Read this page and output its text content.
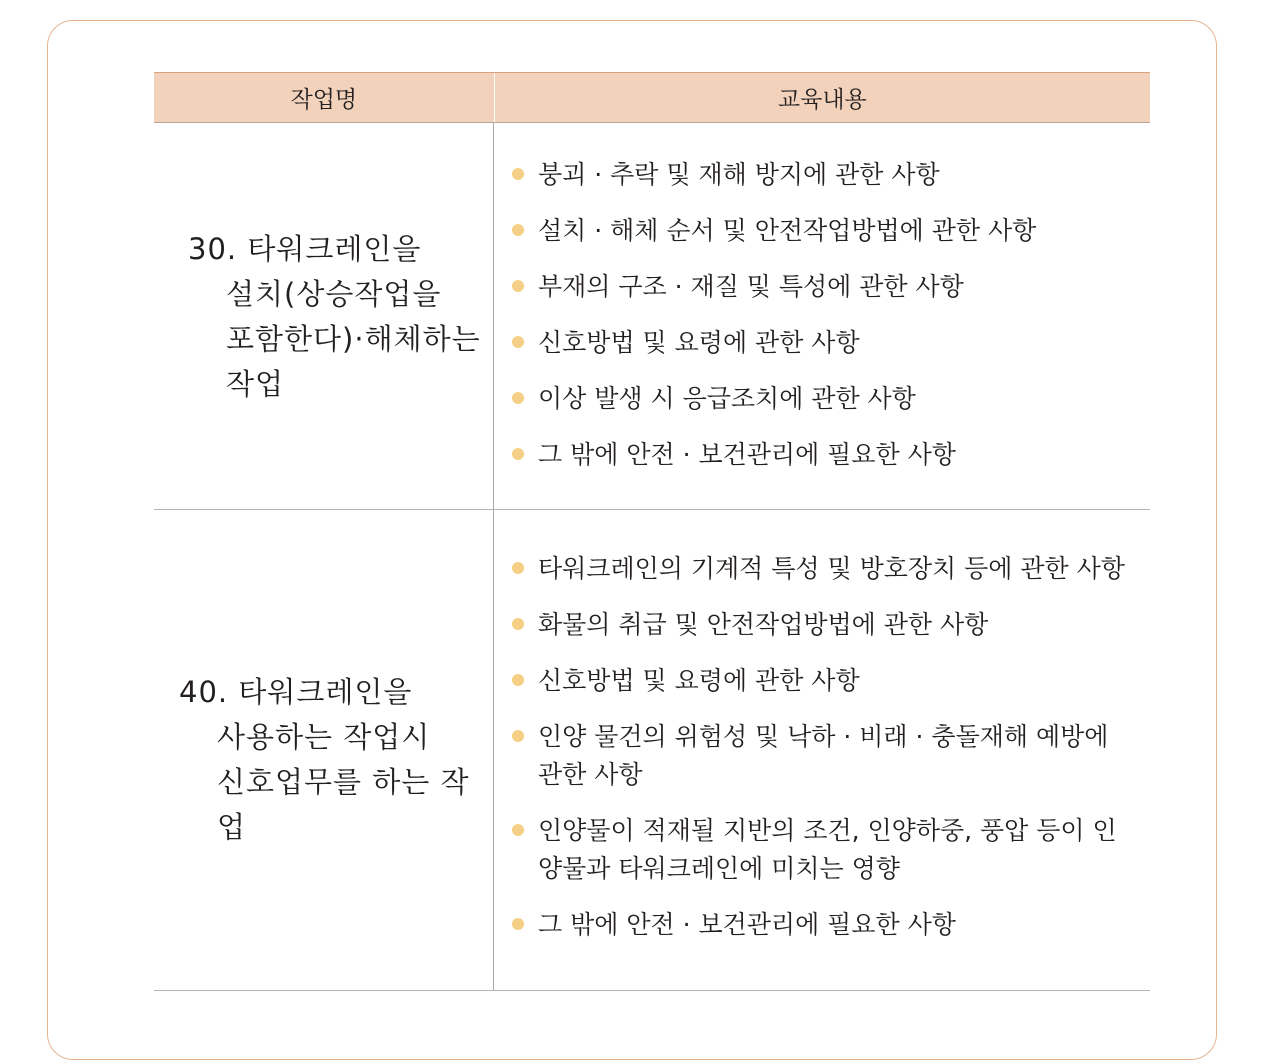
작업명	교육내용
30. 타워크레인을
설치(상승작업을
포함한다)·해체하는
작업
붕괴 · 추락 및 재해 방지에 관한 사항
설치 · 해체 순서 및 안전작업방법에 관한 사항
부재의 구조 · 재질 및 특성에 관한 사항
신호방법 및 요령에 관한 사항
이상 발생 시 응급조치에 관한 사항
그 밖에 안전 · 보건관리에 필요한 사항
40. 타워크레인을
사용하는 작업시
신호업무를 하는 작업
타워크레인의 기계적 특성 및 방호장치 등에 관한 사항
화물의 취급 및 안전작업방법에 관한 사항
신호방법 및 요령에 관한 사항
인양 물건의 위험성 및 낙하 · 비래 · 충돌재해 예방에 관한 사항
인양물이 적재될 지반의 조건, 인양하중, 풍압 등이 인양물과 타워크레인에 미치는 영향
그 밖에 안전 · 보건관리에 필요한 사항
